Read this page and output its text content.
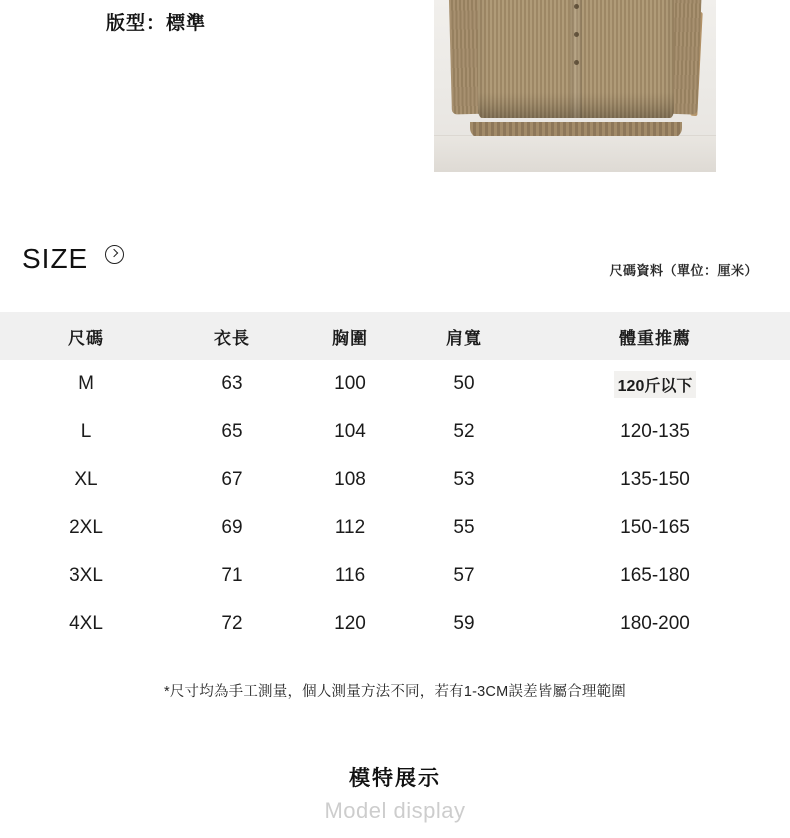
版型：標準
SIZE	尺碼資料（單位：厘米）
尺碼	衣長	胸圍	肩寬	體重推薦
M	63	100	50	120斤以下
L	65	104	52	120-135
XL	67	108	53	135-150
2XL	69	112	55	150-165
3XL	71	116	57	165-180
4XL	72	120	59	180-200
*尺寸均為手工測量，個人測量方法不同，若有1-3CM誤差皆屬合理範圍

模特展示

Model display
